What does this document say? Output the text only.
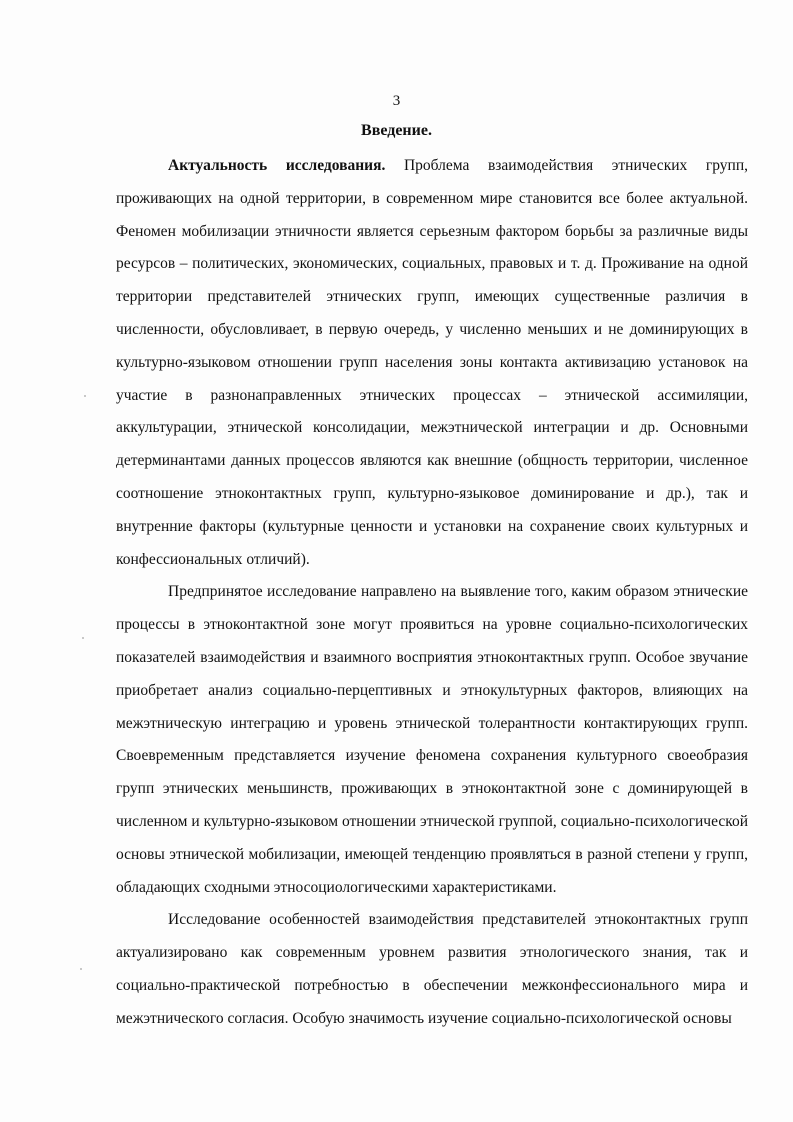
3
Введение.

Актуальность исследования. Проблема взаимодействия этнических групп, проживающих на одной территории, в современном мире становится все более актуальной. Феномен мобилизации этничности является серьезным фактором борьбы за различные виды ресурсов – политических, экономических, социальных, правовых и т. д. Проживание на одной территории представителей этнических групп, имеющих существенные различия в численности, обусловливает, в первую очередь, у численно меньших и не доминирующих в культурно-языковом отношении групп населения зоны контакта активизацию установок на участие в разнонаправленных этнических процессах – этнической ассимиляции, аккультурации, этнической консолидации, межэтнической интеграции и др. Основными детерминантами данных процессов являются как внешние (общность территории, численное соотношение этноконтактных групп, культурно-языковое доминирование и др.), так и внутренние факторы (культурные ценности и установки на сохранение своих культурных и конфессиональных отличий).

Предпринятое исследование направлено на выявление того, каким образом этнические процессы в этноконтактной зоне могут проявиться на уровне социально-психологических показателей взаимодействия и взаимного восприятия этноконтактных групп. Особое звучание приобретает анализ социально-перцептивных и этнокультурных факторов, влияющих на межэтническую интеграцию и уровень этнической толерантности контактирующих групп. Своевременным представляется изучение феномена сохранения культурного своеобразия групп этнических меньшинств, проживающих в этноконтактной зоне с доминирующей в численном и культурно-языковом отношении этнической группой, социально-психологической основы этнической мобилизации, имеющей тенденцию проявляться в разной степени у групп, обладающих сходными этносоциологическими характеристиками.

Исследование особенностей взаимодействия представителей этноконтактных групп актуализировано как современным уровнем развития этнологического знания, так и социально-практической потребностью в обеспечении межконфессионального мира и межэтнического согласия. Особую значимость изучение социально-психологической основы
